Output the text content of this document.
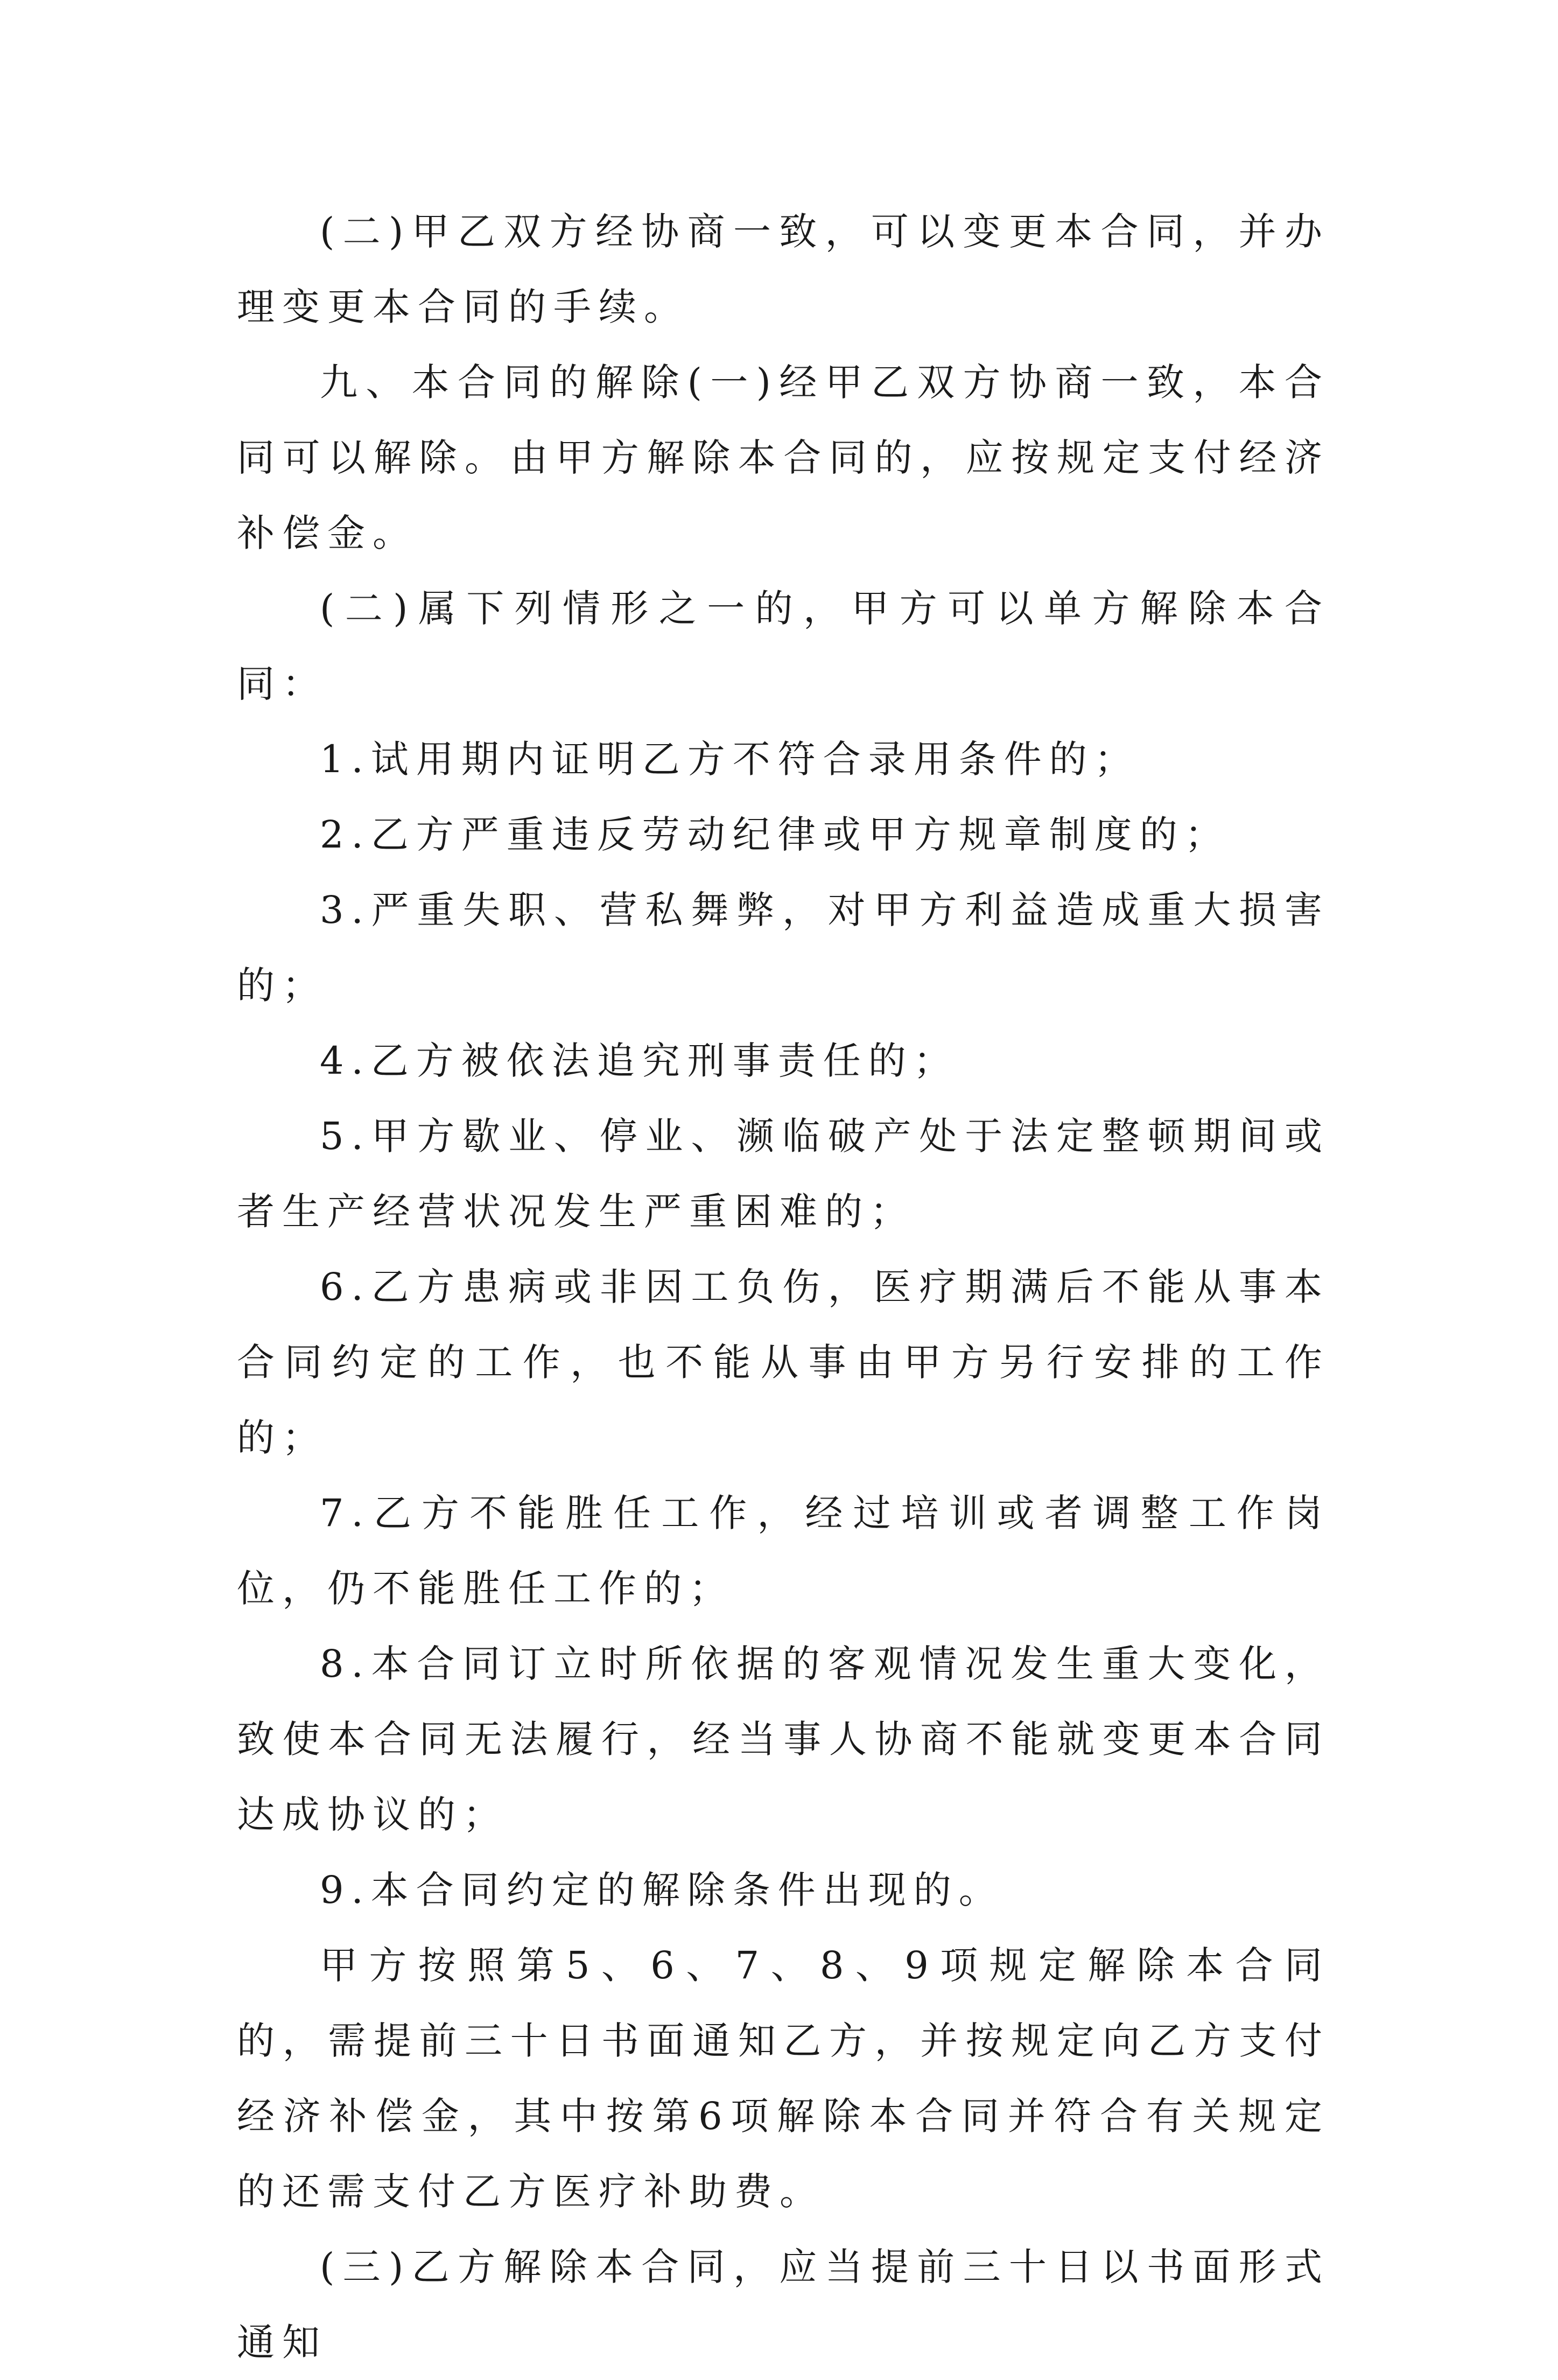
(二)甲乙双方经协商一致，可以变更本合同，并办理变更本合同的手续。

九、本合同的解除(一)经甲乙双方协商一致，本合同可以解除。由甲方解除本合同的，应按规定支付经济补偿金。

(二)属下列情形之一的，甲方可以单方解除本合同：

1.试用期内证明乙方不符合录用条件的；

2.乙方严重违反劳动纪律或甲方规章制度的；

3.严重失职、营私舞弊，对甲方利益造成重大损害的；

4.乙方被依法追究刑事责任的；

5.甲方歇业、停业、濒临破产处于法定整顿期间或者生产经营状况发生严重困难的；

6.乙方患病或非因工负伤，医疗期满后不能从事本合同约定的工作，也不能从事由甲方另行安排的工作的；

7.乙方不能胜任工作，经过培训或者调整工作岗位，仍不能胜任工作的；

8.本合同订立时所依据的客观情况发生重大变化，致使本合同无法履行，经当事人协商不能就变更本合同达成协议的；

9.本合同约定的解除条件出现的。

甲方按照第5、6、7、8、9项规定解除本合同的，需提前三十日书面通知乙方，并按规定向乙方支付经济补偿金，其中按第6项解除本合同并符合有关规定的还需支付乙方医疗补助费。

(三)乙方解除本合同，应当提前三十日以书面形式通知
